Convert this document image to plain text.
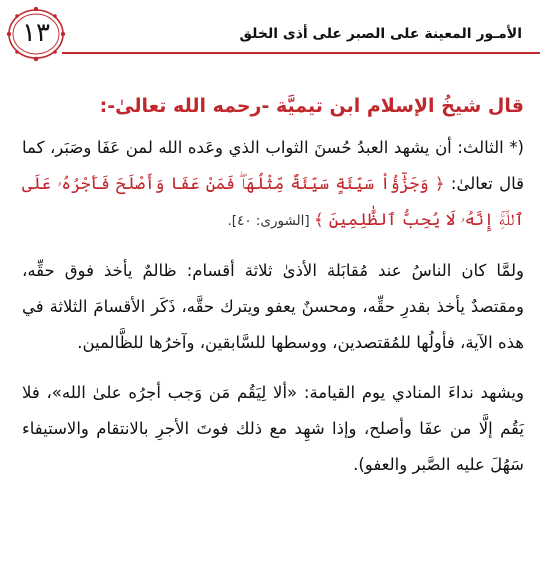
١٣	الأمـور المعينة على الصبر على أذى الخلق
قال شيخُ الإسلام ابن تيميَّة -رحمه الله تعالىٰ-:

(* الثالث: أن يشهد العبدُ حُسنَ الثواب الذي وعَده الله لمن عَفَا وصَبَر، كما قال تعالىٰ: ﴿ وَجَزَٰٓؤُاْ سَيِّئَةٍ سَيِّئَةٌ مِّثْلُهَاۖ فَمَنْ عَفَا وَأَصْلَحَ فَأَجْرُهُۥ عَلَى ٱللَّهِۚ إِنَّهُۥ لَا يُحِبُّ ٱلظَّٰلِمِينَ ﴾ [الشورى: ٤٠].

ولمَّا كان الناسُ عند مُقابَلة الأذىٰ ثلاثة أقسام: ظالمٌ يأخذ فوق حقِّه، ومقتصدٌ يأخذ بقدرِ حقِّه، ومحسنٌ يعفو ويترك حقَّه، ذَكَر الأقسامَ الثلاثة في هذه الآية، فأولُها للمُقتصدين، ووسطها للسَّابقين، وآخرُها للظَّالمين.

ويشهد نداءَ المنادي يوم القيامة: «ألا لِيَقُم مَن وَجب أجرُه علىٰ الله»، فلا يَقُم إلَّا من عفَا وأصلح، وإذا شهِد مع ذلك فوتَ الأجرِ بالانتقام والاستيفاء سَهُلَ عليه الصَّبر والعفو).
